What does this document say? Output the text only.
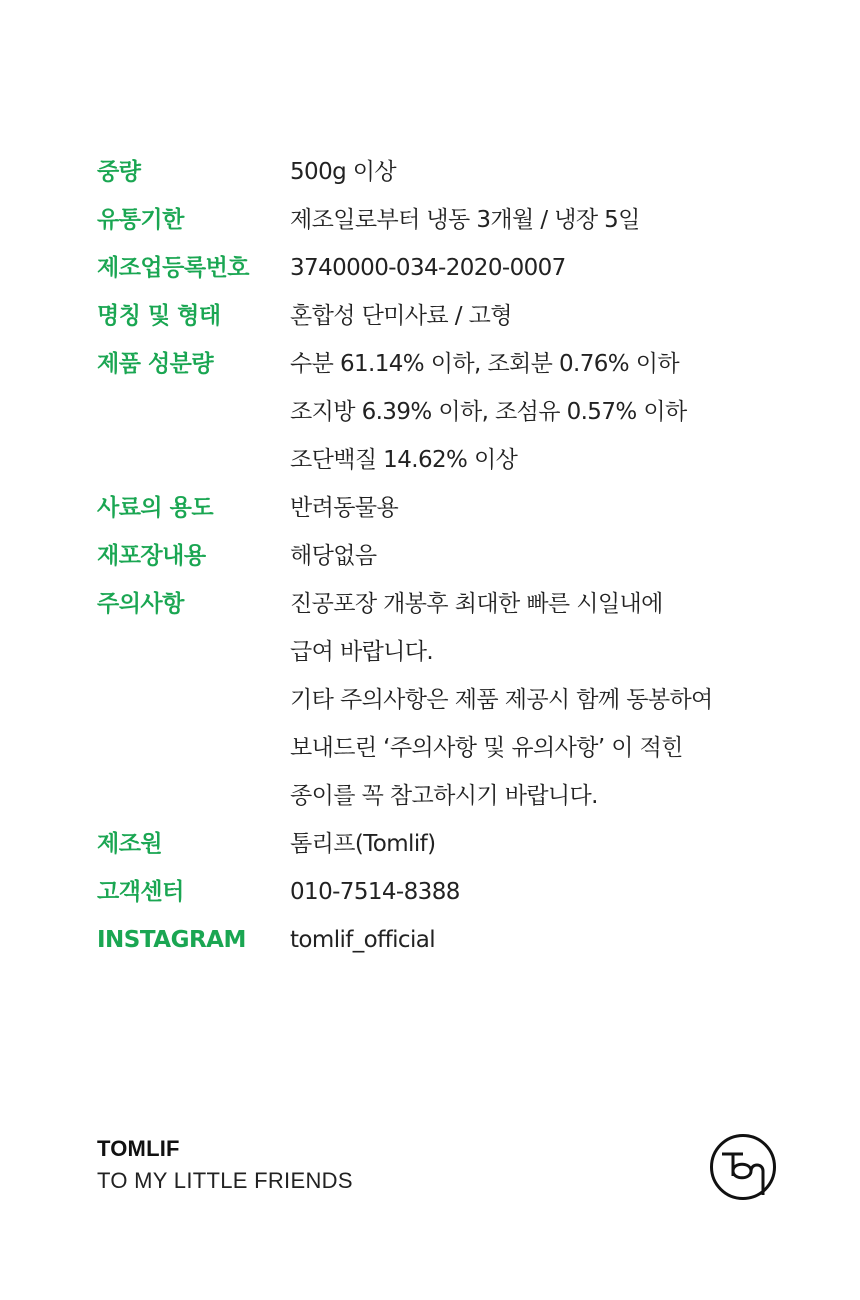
중량	500g 이상
유통기한	제조일로부터 냉동 3개월 / 냉장 5일
제조업등록번호	3740000-034-2020-0007
명칭 및 형태	혼합성 단미사료 / 고형
제품 성분량	수분 61.14% 이하, 조회분 0.76% 이하
조지방 6.39% 이하, 조섬유 0.57% 이하
조단백질 14.62% 이상
사료의 용도	반려동물용
재포장내용	해당없음
주의사항	진공포장 개봉후 최대한 빠른 시일내에
급여 바랍니다.
기타 주의사항은 제품 제공시 함께 동봉하여
보내드린 ‘주의사항 및 유의사항’ 이 적힌
종이를 꼭 참고하시기 바랍니다.
제조원	톰리프(Tomlif)
고객센터	010-7514-8388
INSTAGRAM	tomlif_official
TOMLIF
TO MY LITTLE FRIENDS
